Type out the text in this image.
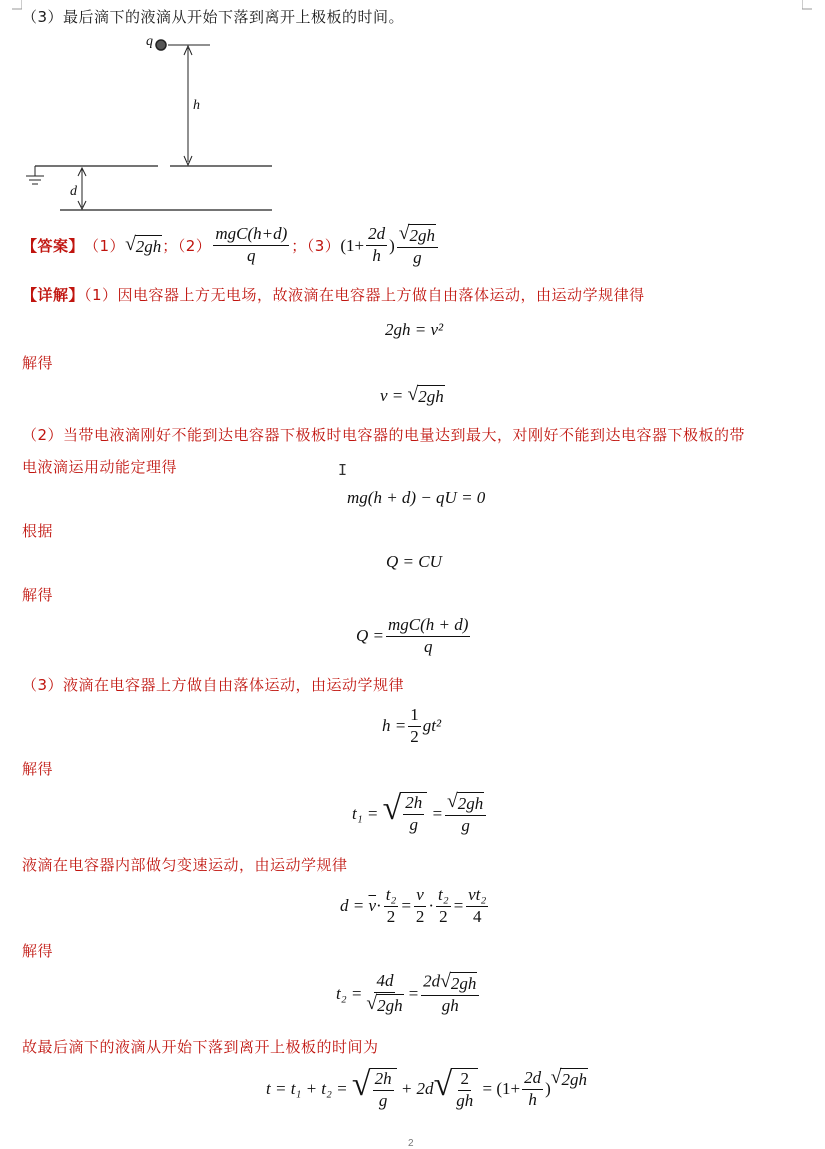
（3）最后滴下的液滴从开始下落到离开上极板的时间。
q
h
d
【答案】 （1） √ 2gh ；$(2) \frac{\text{mgC(h+d)}}{q}$ ；（3） ($1+ \frac{2d}{h}$ ) $\frac{√ 2gh}{g}$
【详解】（1）因电容器上方无电场，故液滴在电容器上方做自由落体运动，由运动学规律得
2gh = v²
解得
v =
√ 2gh
（2）当带电液滴刚好不能到达电容器下极板时电容器的电量达到最大，对刚好不能到达电容器下极板的带
电液滴运用动能定理得	I
mg(h + d) − qU = 0
根据
Q = CU
解得
$Q = \frac{\text{mgC(h + d)}}{q}$
（3）液滴在电容器上方做自由落体运动，由运动学规律
$h = \frac{1}{2} gt^2$
解得
t₁ =
√ $\frac{2h}{g}$
= $\frac{√ 2gh}{g}$
液滴在电容器内部做匀变速运动，由运动学规律
d =
$\overline{v} \cdot \frac{\text{t₂}}{2} = \frac{v}{2} \cdot \frac{\text{t₂}}{2} = \frac{\text{vt₂}}{4}$
解得
$t_2 = \frac{4d}{√ 2gh} = \frac{2d √ 2gh}{gh}$
故最后滴下的液滴从开始下落到离开上极板的时间为
t = t₁ + t₂ =
√ $\frac{2h}{g}$
+ 2d √ $\frac{2}{gh}$
= ($1+ \frac{2d}{h}$ )
√ 2gh
2
